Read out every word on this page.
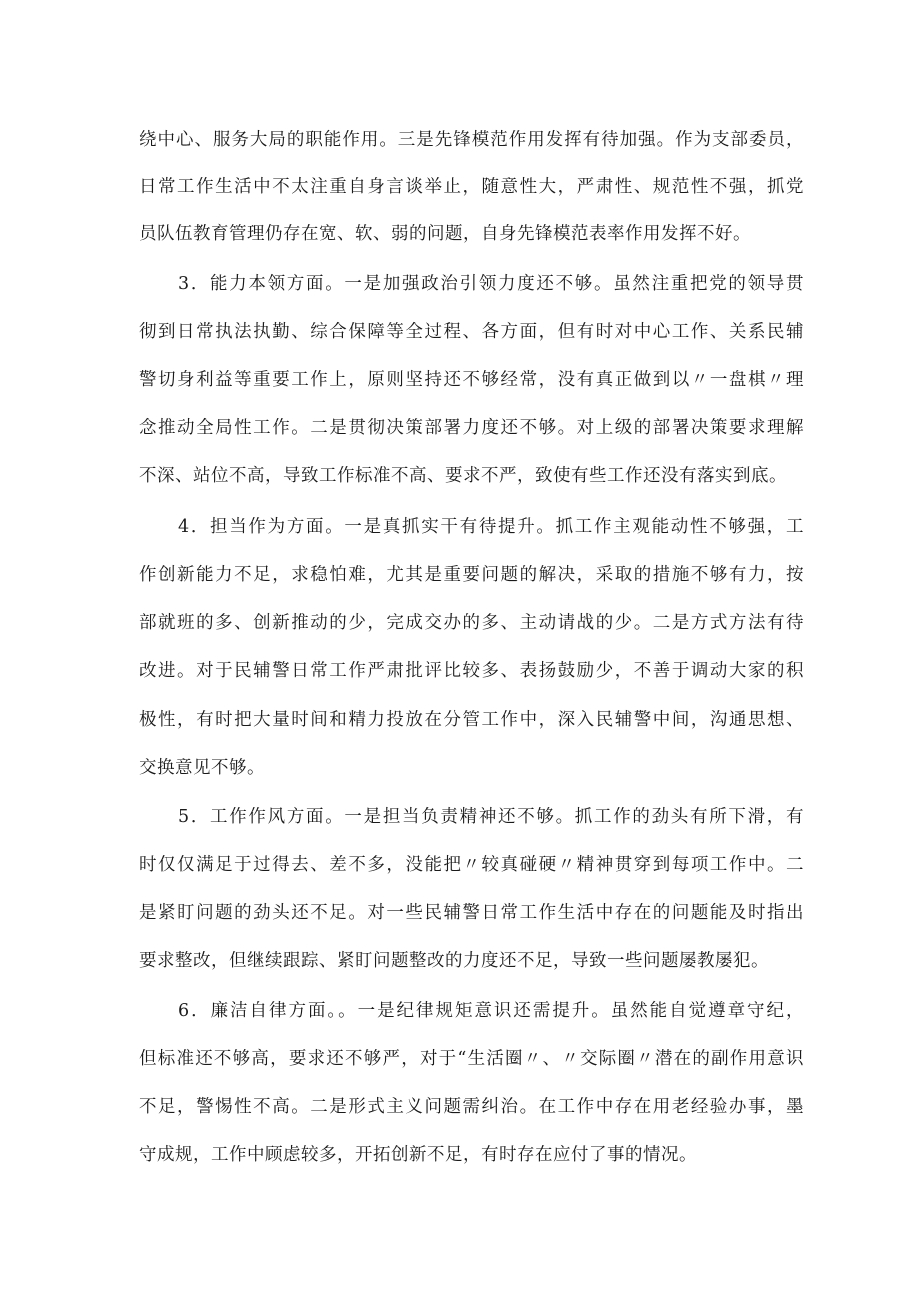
绕中心、服务大局的职能作用。三是先锋模范作用发挥有待加强。作为支部委员，
日常工作生活中不太注重自身言谈举止，随意性大，严肃性、规范性不强，抓党
员队伍教育管理仍存在宽、软、弱的问题，自身先锋模范表率作用发挥不好。
3．能力本领方面。一是加强政治引领力度还不够。虽然注重把党的领导贯
彻到日常执法执勤、综合保障等全过程、各方面，但有时对中心工作、关系民辅
警切身利益等重要工作上，原则坚持还不够经常，没有真正做到以〃一盘棋〃理
念推动全局性工作。二是贯彻决策部署力度还不够。对上级的部署决策要求理解
不深、站位不高，导致工作标准不高、要求不严，致使有些工作还没有落实到底。
4．担当作为方面。一是真抓实干有待提升。抓工作主观能动性不够强，工
作创新能力不足，求稳怕难，尤其是重要问题的解决，采取的措施不够有力，按
部就班的多、创新推动的少，完成交办的多、主动请战的少。二是方式方法有待
改进。对于民辅警日常工作严肃批评比较多、表扬鼓励少，不善于调动大家的积
极性，有时把大量时间和精力投放在分管工作中，深入民辅警中间，沟通思想、
交换意见不够。
5．工作作风方面。一是担当负责精神还不够。抓工作的劲头有所下滑，有
时仅仅满足于过得去、差不多，没能把〃较真碰硬〃精神贯穿到每项工作中。二
是紧盯问题的劲头还不足。对一些民辅警日常工作生活中存在的问题能及时指出
要求整改，但继续跟踪、紧盯问题整改的力度还不足，导致一些问题屡教屡犯。
6．廉洁自律方面。。一是纪律规矩意识还需提升。虽然能自觉遵章守纪，
但标准还不够高，要求还不够严，对于“生活圈〃、〃交际圈〃潜在的副作用意识
不足，警惕性不高。二是形式主义问题需纠治。在工作中存在用老经验办事，墨
守成规，工作中顾虑较多，开拓创新不足，有时存在应付了事的情况。
